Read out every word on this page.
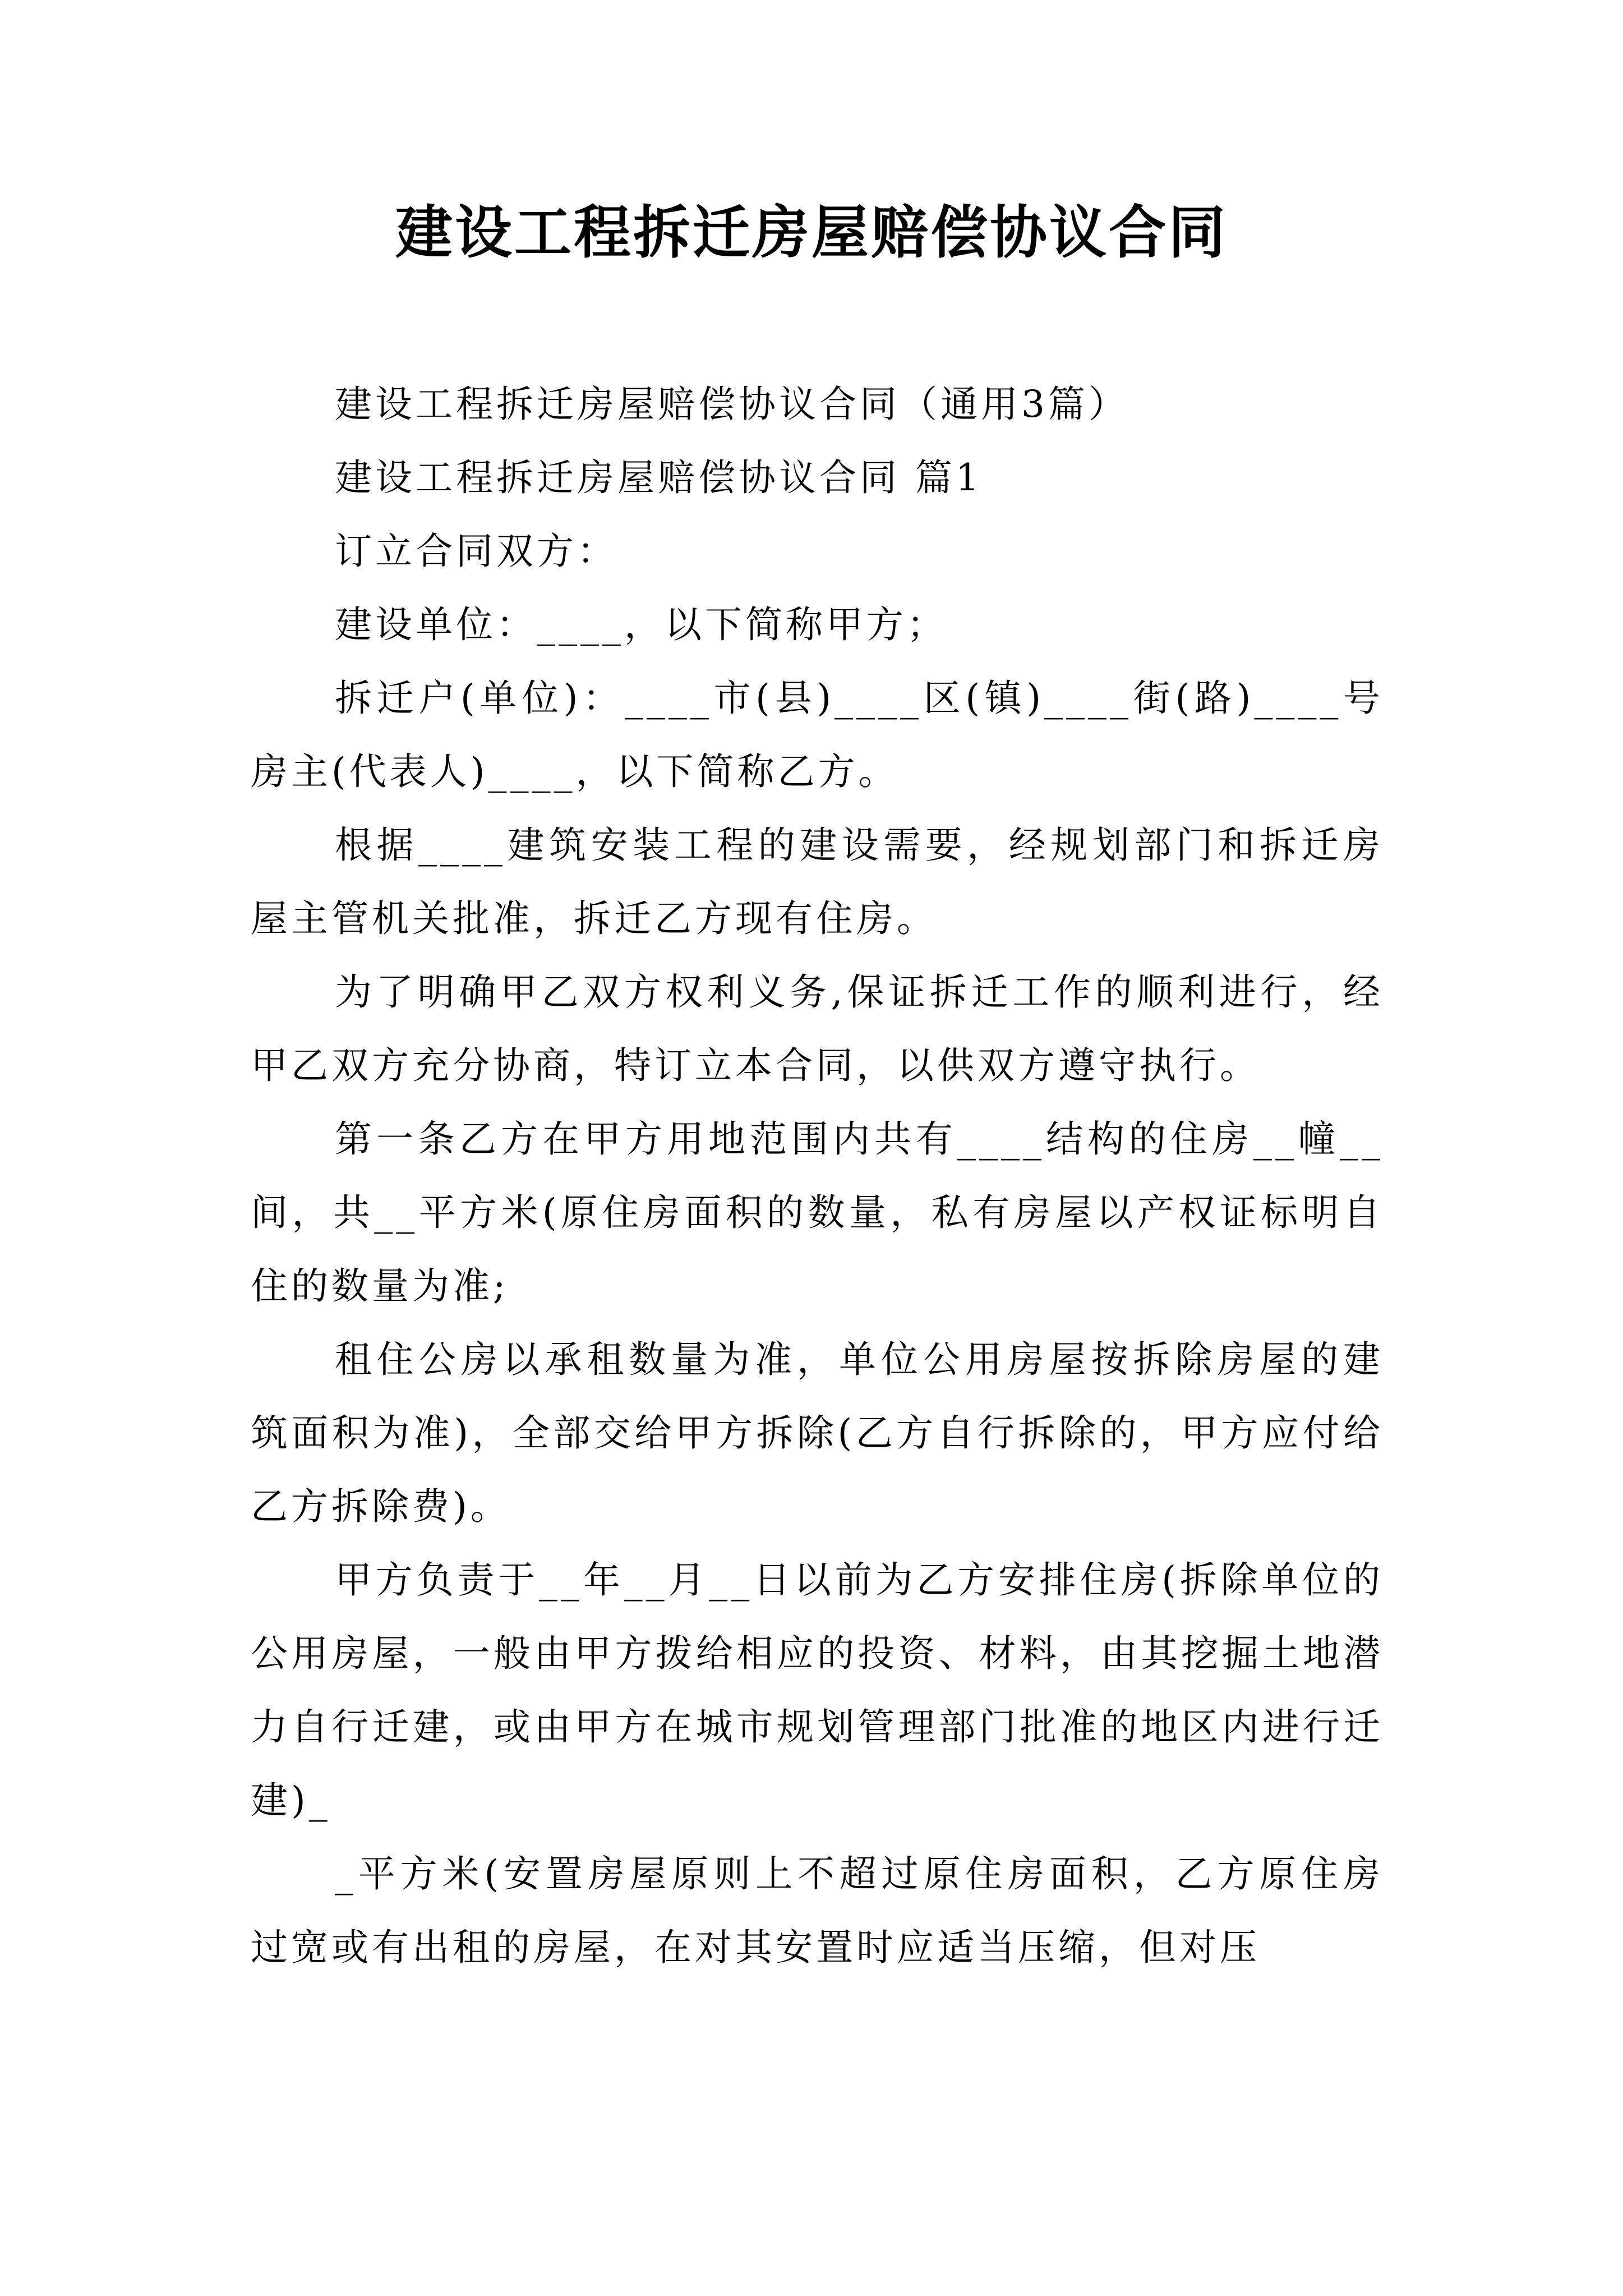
建设工程拆迁房屋赔偿协议合同

建设工程拆迁房屋赔偿协议合同（通用3篇）

建设工程拆迁房屋赔偿协议合同 篇1

订立合同双方：

建设单位：____，以下简称甲方；

拆迁户(单位)：____市(县)____区(镇)____街(路)____号房主(代表人)____，以下简称乙方。

根据____建筑安装工程的建设需要，经规划部门和拆迁房屋主管机关批准，拆迁乙方现有住房。

为了明确甲乙双方权利义务,保证拆迁工作的顺利进行，经甲乙双方充分协商，特订立本合同，以供双方遵守执行。

第一条乙方在甲方用地范围内共有____结构的住房__幢__间，共__平方米(原住房面积的数量，私有房屋以产权证标明自住的数量为准;

租住公房以承租数量为准，单位公用房屋按拆除房屋的建筑面积为准)，全部交给甲方拆除(乙方自行拆除的，甲方应付给乙方拆除费)。

甲方负责于__年__月__日以前为乙方安排住房(拆除单位的公用房屋，一般由甲方拨给相应的投资、材料，由其挖掘土地潜力自行迁建，或由甲方在城市规划管理部门批准的地区内进行迁建)_

_平方米(安置房屋原则上不超过原住房面积，乙方原住房过宽或有出租的房屋，在对其安置时应适当压缩，但对压
